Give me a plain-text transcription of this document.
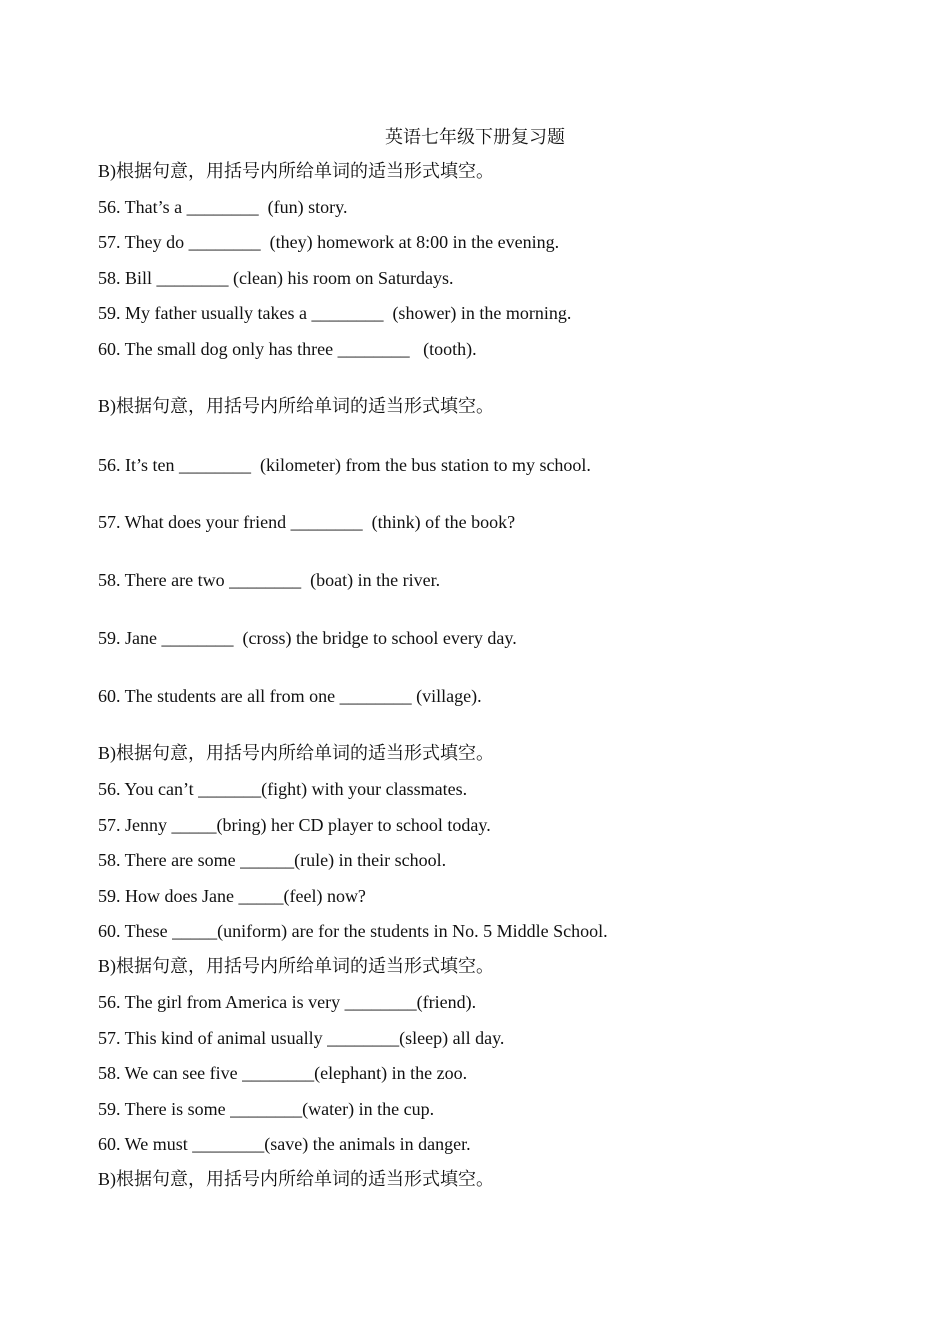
英语七年级下册复习题

B)根据句意，用括号内所给单词的适当形式填空。

56. That’s a ________  (fun) story.

57. They do ________  (they) homework at 8:00 in the evening.

58. Bill ________ (clean) his room on Saturdays.

59. My father usually takes a ________  (shower) in the morning.

60. The small dog only has three ________   (tooth).

B)根据句意，用括号内所给单词的适当形式填空。

56. It’s ten ________  (kilometer) from the bus station to my school.

57. What does your friend ________  (think) of the book?

58. There are two ________  (boat) in the river.

59. Jane ________  (cross) the bridge to school every day.

60. The students are all from one ________ (village).

B)根据句意，用括号内所给单词的适当形式填空。

56. You can’t _______(fight) with your classmates.

57. Jenny _____(bring) her CD player to school today.

58. There are some ______(rule) in their school.

59. How does Jane _____(feel) now?

60. These _____(uniform) are for the students in No. 5 Middle School.

B)根据句意，用括号内所给单词的适当形式填空。

56. The girl from America is very ________(friend).

57. This kind of animal usually ________(sleep) all day.

58. We can see five ________(elephant) in the zoo.

59. There is some ________(water) in the cup.

60. We must ________(save) the animals in danger.

B)根据句意，用括号内所给单词的适当形式填空。
